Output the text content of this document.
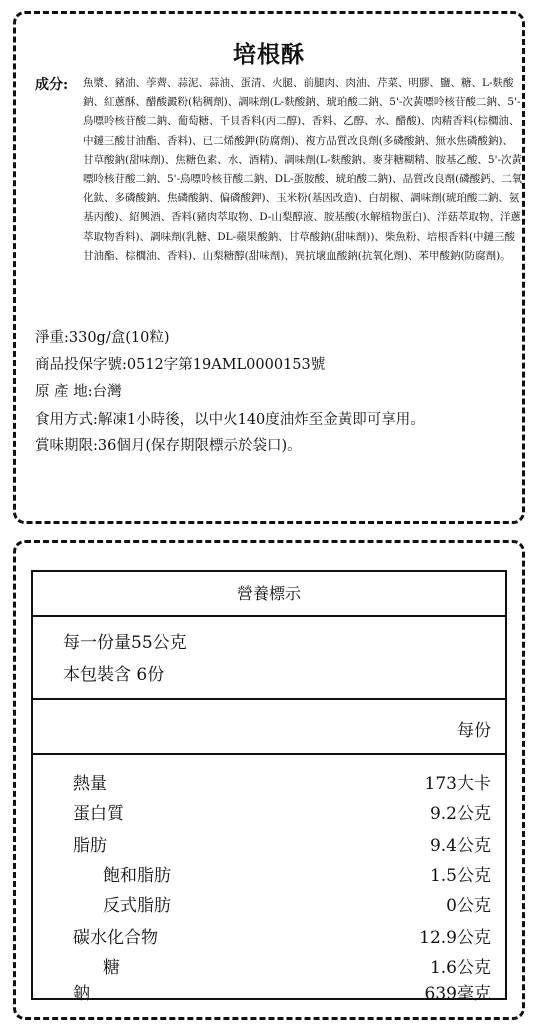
培根酥
成分: 魚漿、豬油、荸薺、蒜泥、蒜油、蛋清、火腿、前腿肉、肉油、芹菜、明膠、鹽、糖、L-麩酸鈉、紅蔥酥、醋酸澱粉(粘稠劑)、調味劑(L-麩酸鈉、琥珀酸二鈉、5'-次黃嘌呤核苷酸二鈉、5'-鳥嘌呤核苷酸二鈉、葡萄糖、千貝香料(丙二醇)、香料、乙醇、水、醋酸)、肉精香料(棕櫚油、中鏈三酸甘油酯、香料)、已二烯酸鉀(防腐劑)、複方品質改良劑(多磷酸鈉、無水焦磷酸鈉)、甘草酸鈉(甜味劑)、焦糖色素、水、酒精)、調味劑(L-麩酸鈉、麥芽糖糊精、胺基乙酸、5'-次黃嘌呤核苷酸二鈉、5'-鳥嘌呤核苷酸二鈉、DL-蛋胺酸、琥珀酸二鈉)、品質改良劑(磷酸鈣、二氧化鈦、多磷酸鈉、焦磷酸鈉、偏磷酸鉀)、玉米粉(基因改造)、白胡椒、調味劑(琥珀酸二鈉、氨基丙酸)、紹興酒、香料(豬肉萃取物、D-山梨醇液、胺基酸(水解植物蛋白)、洋菇萃取物、洋蔥萃取物香料)、調味劑(乳糖、DL-蘋果酸鈉、甘草酸鈉(甜味劑))、柴魚粉、培根香料(中鏈三酸甘油酯、棕櫚油、香料)、山梨糖醇(甜味劑)、異抗壞血酸鈉(抗氧化劑)、苯甲酸鈉(防腐劑)。

淨重:330g/盒(10粒)
商品投保字號:0512字第19AML0000153號
原 產 地:台灣
食用方式:解凍1小時後，以中火140度油炸至金黃即可享用。
賞味期限:36個月(保存期限標示於袋口)。
營養標示
每一份量55公克
本包裝含 6份
每份
熱量	173大卡
蛋白質	9.2公克
脂肪	9.4公克
飽和脂肪	1.5公克
反式脂肪	0公克
碳水化合物	12.9公克
糖	1.6公克
鈉	639毫克
